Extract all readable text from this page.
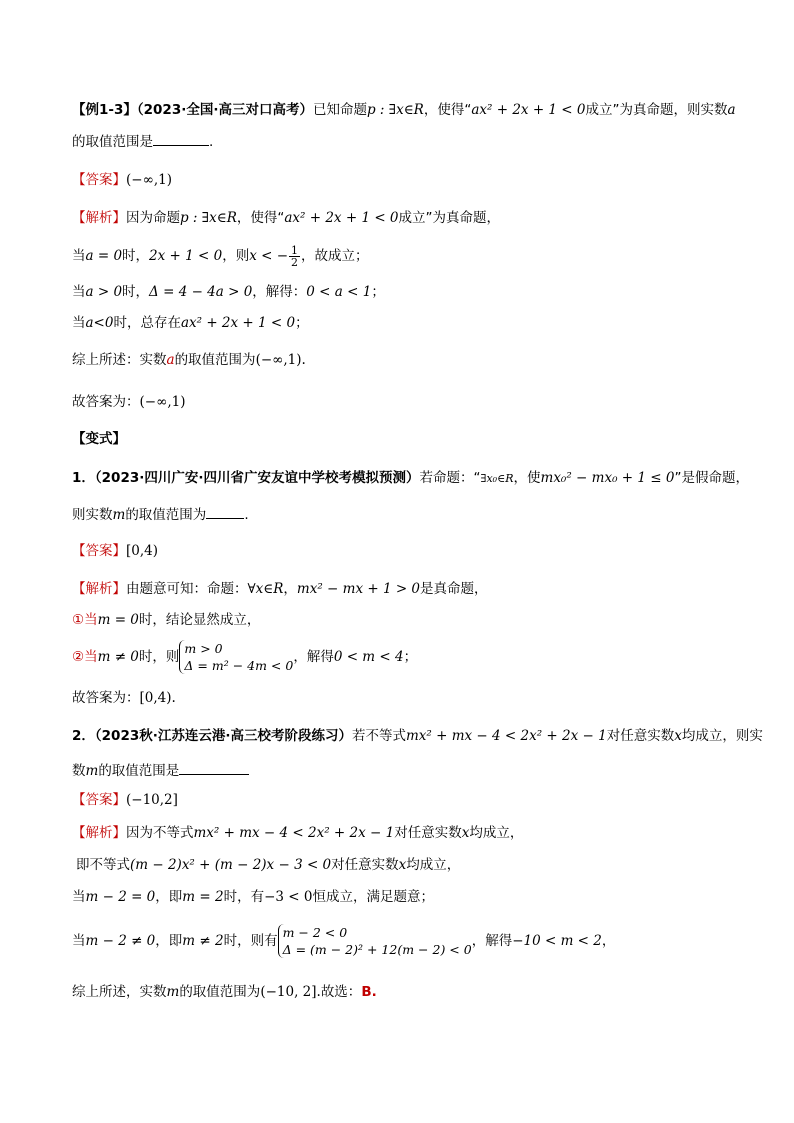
【例1-3】（2023·全国·高三对口高考）已知命题p : ∃x∈R，使得“ax² + 2x + 1 < 0成立”为真命题，则实数a
的取值范围是	.
【答案】(−∞,1)
【解析】因为命题p : ∃x∈R，使得“ax² + 2x + 1 < 0成立”为真命题，
当a = 0时，2x + 1 < 0，则x < − $\frac{1}{2}$ ，故成立；
当a > 0时，Δ = 4 − 4a > 0，解得：0 < a < 1；
当a<0时，总存在ax² + 2x + 1 < 0；
综上所述：实数a的取值范围为(−∞,1).
故答案为：(−∞,1)
【变式】
1．（2023·四川广安·四川省广安友谊中学校考模拟预测）若命题：“∃x₀∈R，使mx₀² − mx₀ + 1 ≤ 0”是假命题，
则实数m的取值范围为	.
【答案】[0,4)
【解析】由题意可知：命题：∀x∈R，mx² − mx + 1 > 0是真命题，
①当m = 0时，结论显然成立，
②当m ≠ 0时，则
m > 0
Δ = m² − 4m < 0
，解得0 < m < 4；
故答案为：[0,4).
2．（2023秋·江苏连云港·高三校考阶段练习）若不等式mx² + mx − 4 < 2x² + 2x − 1对任意实数x均成立，则实
数m的取值范围是
【答案】(−10,2]
【解析】因为不等式mx² + mx − 4 < 2x² + 2x − 1对任意实数x均成立，
即不等式(m − 2)x² + (m − 2)x − 3 < 0对任意实数x均成立，
当m − 2 = 0，即m = 2时，有−3 < 0恒成立，满足题意；
当m − 2 ≠ 0，即m ≠ 2时，则有
m − 2 < 0
Δ = (m − 2)² + 12(m − 2) < 0
，解得−10 < m < 2，
综上所述，实数m的取值范围为(−10, 2].故选：B.
